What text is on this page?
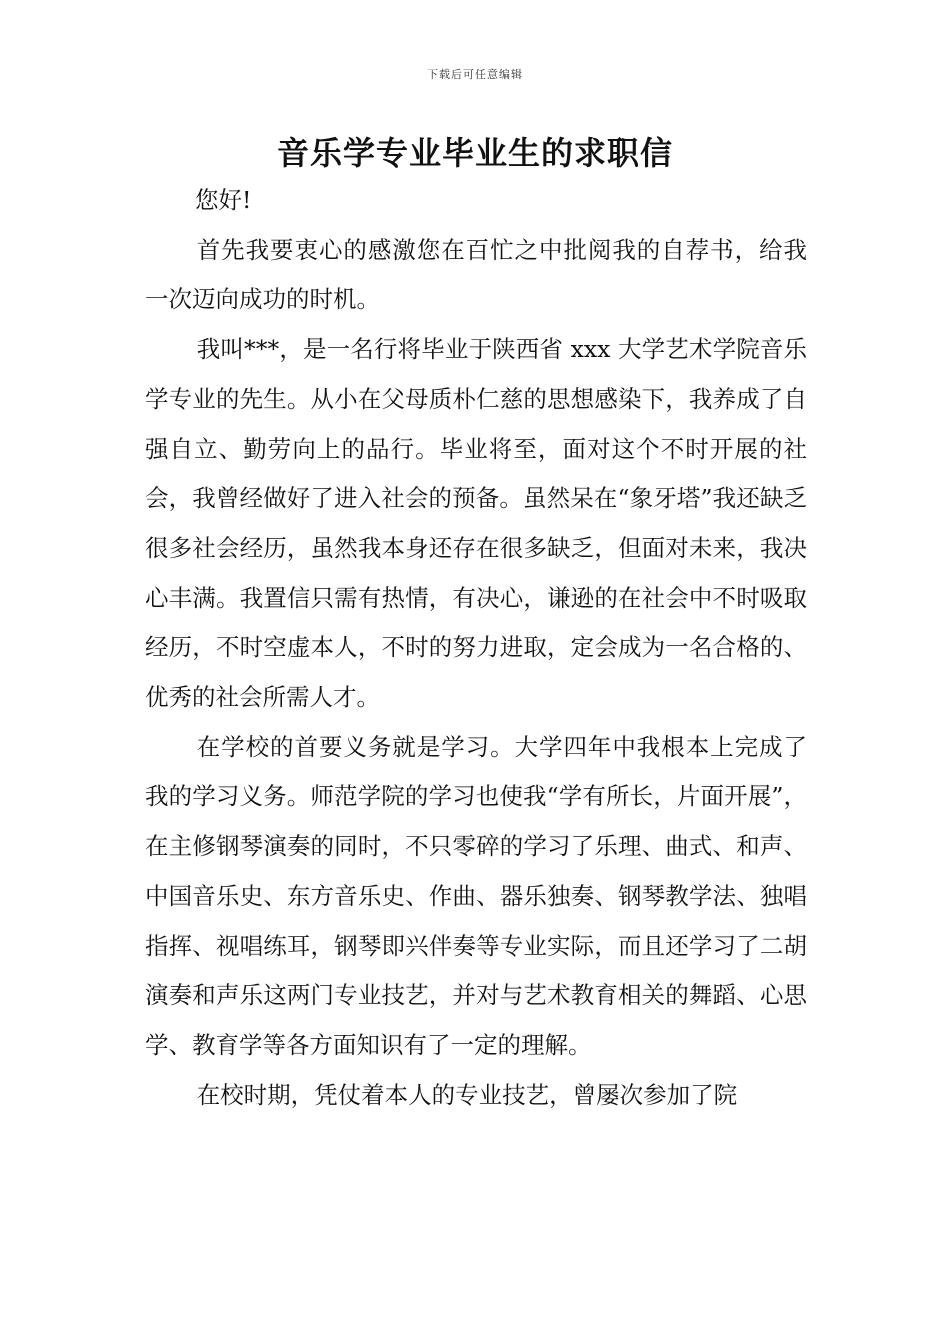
下载后可任意编辑
音乐学专业毕业生的求职信

您好!

首先我要衷心的感激您在百忙之中批阅我的自荐书，给我一次迈向成功的时机。

我叫***，是一名行将毕业于陕西省 xxx 大学艺术学院音乐学专业的先生。从小在父母质朴仁慈的思想感染下，我养成了自强自立、勤劳向上的品行。毕业将至，面对这个不时开展的社会，我曾经做好了进入社会的预备。虽然呆在“象牙塔”我还缺乏很多社会经历，虽然我本身还存在很多缺乏，但面对未来，我决心丰满。我置信只需有热情，有决心，谦逊的在社会中不时吸取经历，不时空虚本人，不时的努力进取，定会成为一名合格的、优秀的社会所需人才。

在学校的首要义务就是学习。大学四年中我根本上完成了我的学习义务。师范学院的学习也使我“学有所长，片面开展”，在主修钢琴演奏的同时，不只零碎的学习了乐理、曲式、和声、中国音乐史、东方音乐史、作曲、器乐独奏、钢琴教学法、独唱指挥、视唱练耳，钢琴即兴伴奏等专业实际，而且还学习了二胡演奏和声乐这两门专业技艺，并对与艺术教育相关的舞蹈、心思学、教育学等各方面知识有了一定的理解。

在校时期，凭仗着本人的专业技艺，曾屡次参加了院
